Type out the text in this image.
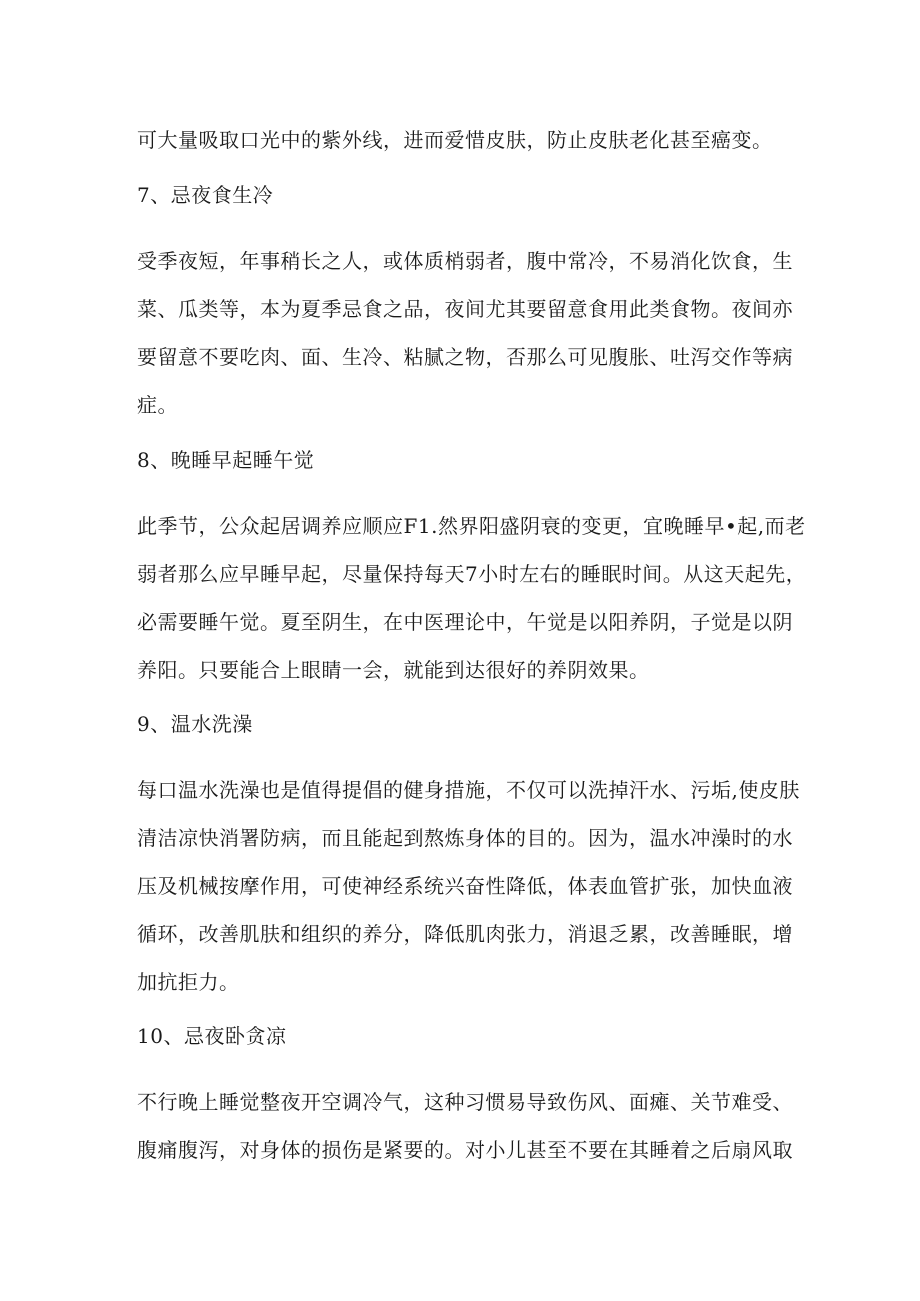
可大量吸取口光中的紫外线，进而爱惜皮肤，防止皮肤老化甚至癌变。
7、忌夜食生冷
受季夜短，年事稍长之人，或体质梢弱者，腹中常冷，不易消化饮食，生
菜、瓜类等，本为夏季忌食之品，夜间尤其要留意食用此类食物。夜间亦
要留意不要吃肉、面、生冷、粘腻之物，否那么可见腹胀、吐泻交作等病
症。
8、晚睡早起睡午觉
此季节，公众起居调养应顺应F1.然界阳盛阴衰的变更，宜晚睡早•起,而老
弱者那么应早睡早起，尽量保持每天7小时左右的睡眠时间。从这天起先，
必需要睡午觉。夏至阴生，在中医理论中，午觉是以阳养阴，子觉是以阴
养阳。只要能合上眼睛一会，就能到达很好的养阴效果。
9、温水洗澡
每口温水洗澡也是值得提倡的健身措施，不仅可以洗掉汗水、污垢,使皮肤
清洁凉快消署防病，而且能起到熬炼身体的目的。因为，温水冲澡时的水
压及机械按摩作用，可使神经系统兴奋性降低，体表血管扩张，加快血液
循环，改善肌肤和组织的养分，降低肌肉张力，消退乏累，改善睡眠，增
加抗拒力。
10、忌夜卧贪凉
不行晚上睡觉整夜开空调冷气，这种习惯易导致伤风、面瘫、关节难受、
腹痛腹泻，对身体的损伤是紧要的。对小儿甚至不要在其睡着之后扇风取
